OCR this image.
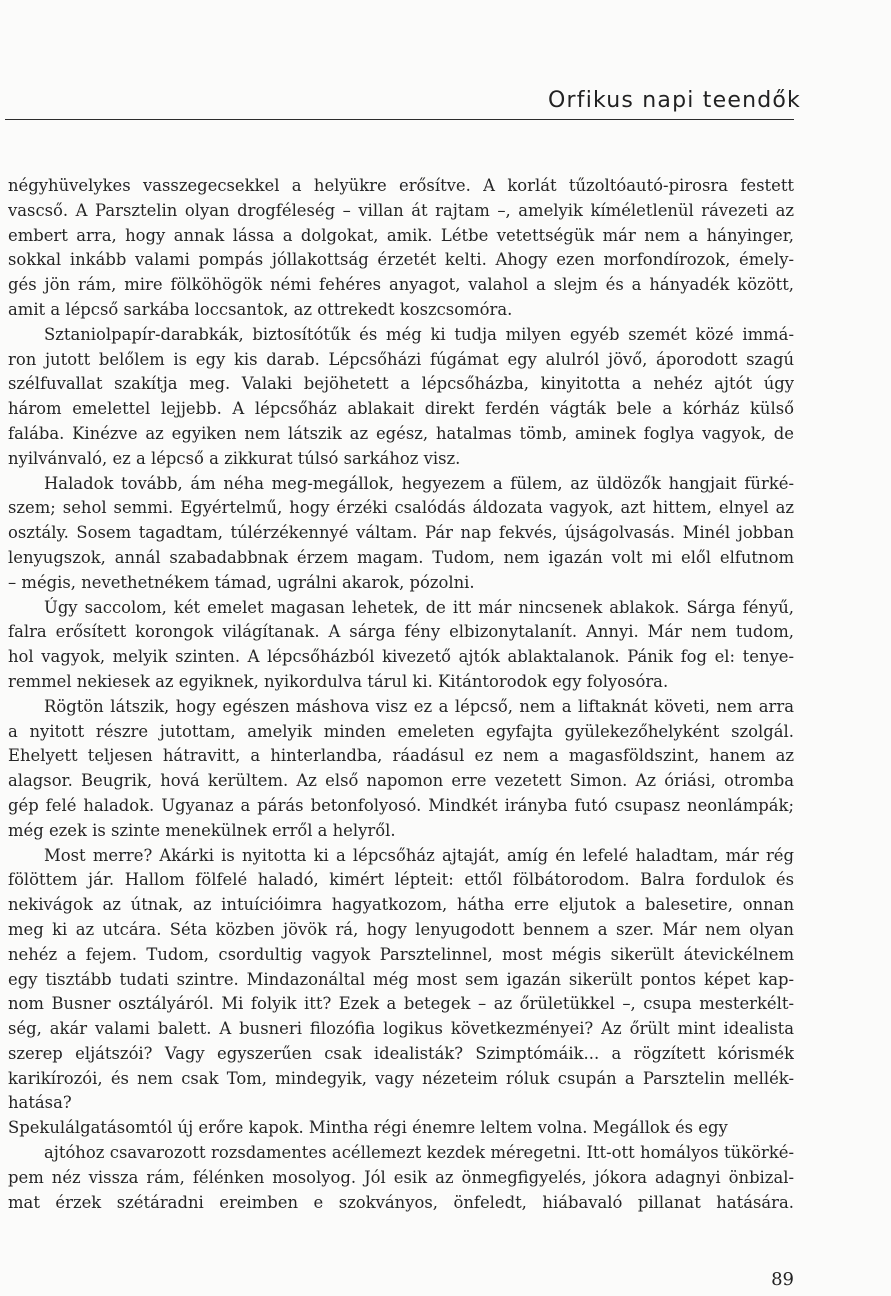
Orfikus napi teendők
négyhüvelykes vasszegecsekkel a helyükre erősítve. A korlát tűzoltóautó-pirosra festett
vascső. A Parsztelin olyan drogféleség – villan át rajtam –, amelyik kíméletlenül rávezeti az
embert arra, hogy annak lássa a dolgokat, amik. Létbe vetettségük már nem a hányinger,
sokkal inkább valami pompás jóllakottság érzetét kelti. Ahogy ezen morfondírozok, émely-
gés jön rám, mire fölköhögök némi fehéres anyagot, valahol a slejm és a hányadék között,
amit a lépcső sarkába loccsantok, az ottrekedt koszcsomóra.
Sztaniolpapír-darabkák, biztosítótűk és még ki tudja milyen egyéb szemét közé immá-
ron jutott belőlem is egy kis darab. Lépcsőházi fúgámat egy alulról jövő, áporodott szagú
szélfuvallat szakítja meg. Valaki bejöhetett a lépcsőházba, kinyitotta a nehéz ajtót úgy
három emelettel lejjebb. A lépcsőház ablakait direkt ferdén vágták bele a kórház külső
falába. Kinézve az egyiken nem látszik az egész, hatalmas tömb, aminek foglya vagyok, de
nyilvánvaló, ez a lépcső a zikkurat túlsó sarkához visz.
Haladok tovább, ám néha meg-megállok, hegyezem a fülem, az üldözők hangjait fürké-
szem; sehol semmi. Egyértelmű, hogy érzéki csalódás áldozata vagyok, azt hittem, elnyel az
osztály. Sosem tagadtam, túlérzékennyé váltam. Pár nap fekvés, újságolvasás. Minél jobban
lenyugszok, annál szabadabbnak érzem magam. Tudom, nem igazán volt mi elől elfutnom
– mégis, nevethetnékem támad, ugrálni akarok, pózolni.
Úgy saccolom, két emelet magasan lehetek, de itt már nincsenek ablakok. Sárga fényű,
falra erősített korongok világítanak. A sárga fény elbizonytalanít. Annyi. Már nem tudom,
hol vagyok, melyik szinten. A lépcsőházból kivezető ajtók ablaktalanok. Pánik fog el: tenye-
remmel nekiesek az egyiknek, nyikordulva tárul ki. Kitántorodok egy folyosóra.
Rögtön látszik, hogy egészen máshova visz ez a lépcső, nem a liftaknát követi, nem arra
a nyitott részre jutottam, amelyik minden emeleten egyfajta gyülekezőhelyként szolgál.
Ehelyett teljesen hátravitt, a hinterlandba, ráadásul ez nem a magasföldszint, hanem az
alagsor. Beugrik, hová kerültem. Az első napomon erre vezetett Simon. Az óriási, otromba
gép felé haladok. Ugyanaz a párás betonfolyosó. Mindkét irányba futó csupasz neonlámpák;
még ezek is szinte menekülnek erről a helyről.
Most merre? Akárki is nyitotta ki a lépcsőház ajtaját, amíg én lefelé haladtam, már rég
fölöttem jár. Hallom fölfelé haladó, kimért lépteit: ettől fölbátorodom. Balra fordulok és
nekivágok az útnak, az intuícióimra hagyatkozom, hátha erre eljutok a balesetire, onnan
meg ki az utcára. Séta közben jövök rá, hogy lenyugodott bennem a szer. Már nem olyan
nehéz a fejem. Tudom, csordultig vagyok Parsztelinnel, most mégis sikerült átevickélnem
egy tisztább tudati szintre. Mindazonáltal még most sem igazán sikerült pontos képet kap-
nom Busner osztályáról. Mi folyik itt? Ezek a betegek – az őrületükkel –, csupa mesterkélt-
ség, akár valami balett. A busneri filozófia logikus következményei? Az őrült mint idealista
szerep eljátszói? Vagy egyszerűen csak idealisták? Szimptómáik... a rögzített kórismék
karikírozói, és nem csak Tom, mindegyik, vagy nézeteim róluk csupán a Parsztelin mellék-
hatása?
Spekulálgatásomtól új erőre kapok. Mintha régi énemre leltem volna. Megállok és egy
ajtóhoz csavarozott rozsdamentes acéllemezt kezdek méregetni. Itt-ott homályos tükörké-
pem néz vissza rám, félénken mosolyog. Jól esik az önmegfigyelés, jókora adagnyi önbizal-
mat érzek szétáradni ereimben e szokványos, önfeledt, hiábavaló pillanat hatására.
89
